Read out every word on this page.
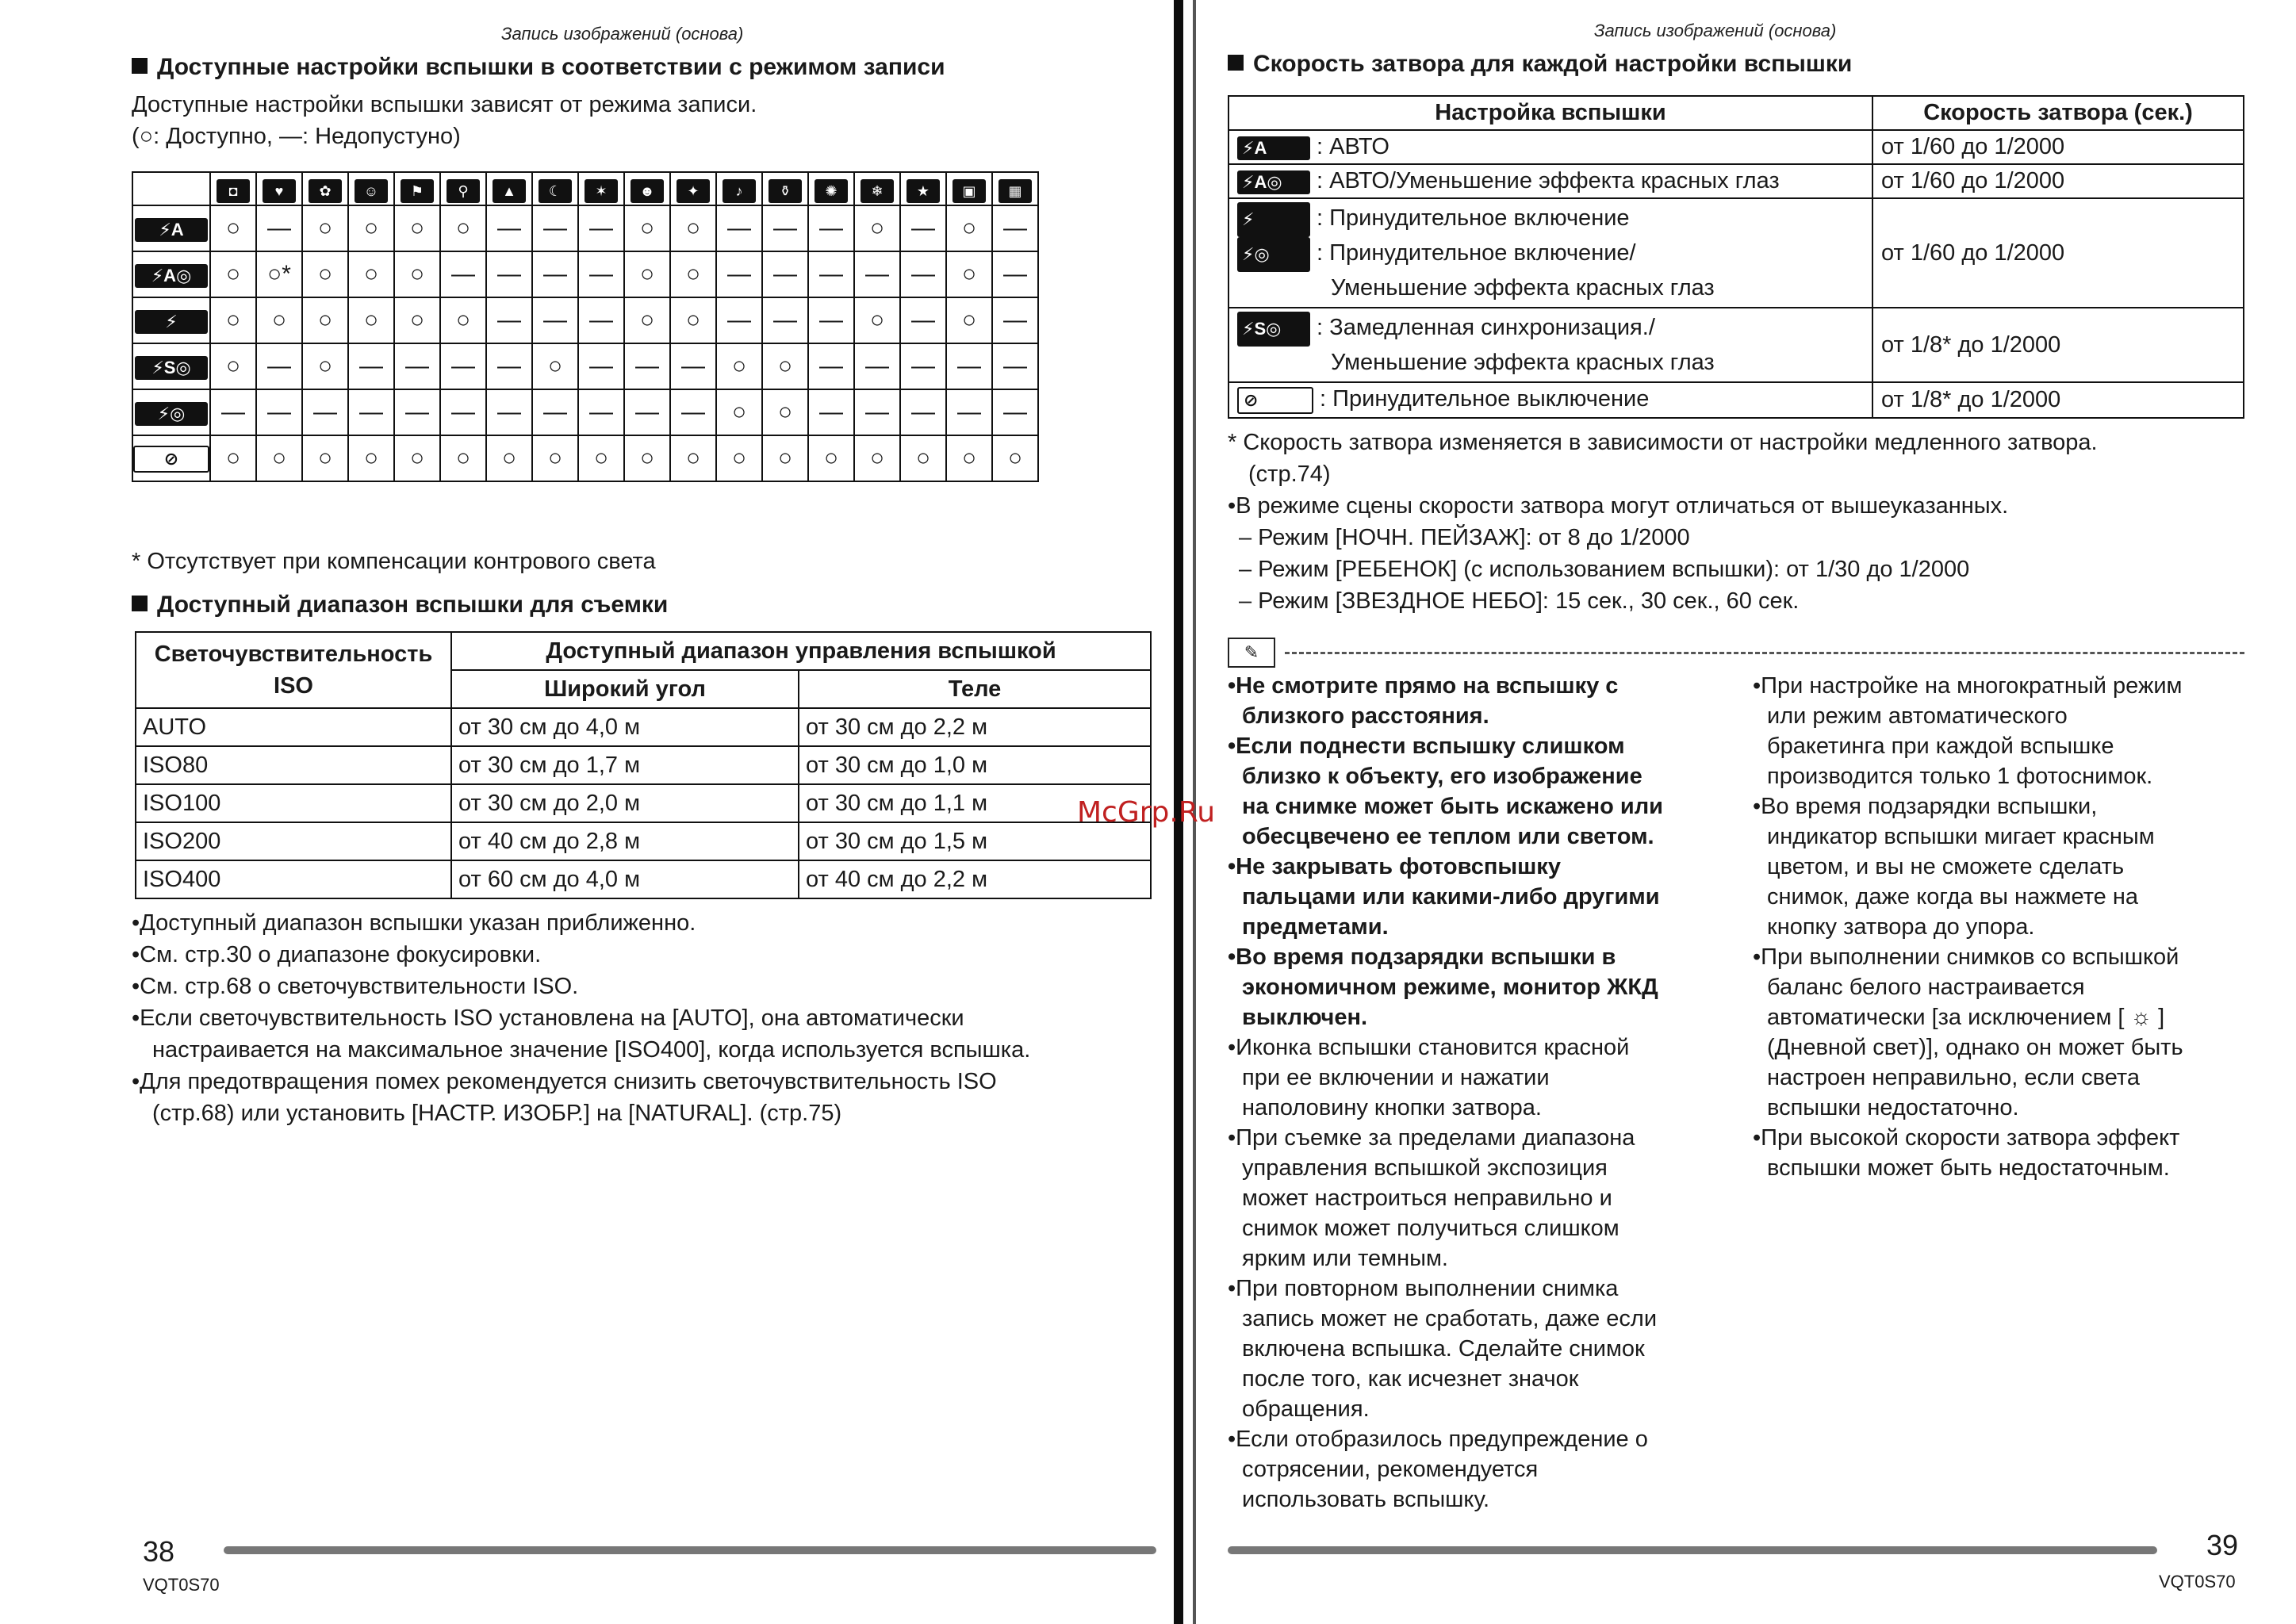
Запись изображений (основа)
Доступные настройки вспышки в соответствии с режимом записи
Доступные настройки вспышки зависят от режима записи.
(○: Доступно, —: Недопустуно)
	◘	♥	✿	☺	⚑	⚲	▲	☾	✶	☻	✦	♪	⚱	✺	❄	★	▣	▦
⚡A	○	—	○	○	○	○	—	—	—	○	○	—	—	—	○	—	○	—
⚡A◎	○	○*	○	○	○	—	—	—	—	○	○	—	—	—	—	—	○	—
⚡	○	○	○	○	○	○	—	—	—	○	○	—	—	—	○	—	○	—
⚡S◎	○	—	○	—	—	—	—	○	—	—	—	○	○	—	—	—	—	—
⚡◎	—	—	—	—	—	—	—	—	—	—	—	○	○	—	—	—	—	—
⊘	○	○	○	○	○	○	○	○	○	○	○	○	○	○	○	○	○	○
* Отсутствует при компенсации контрового света
Доступный диапазон вспышки для съемки
Светочувствительность ISO	Доступный диапазон управления вспышкой	
	Широкий угол	Теле
AUTO	от 30 см до 4,0 м	от 30 см до 2,2 м
ISO80	от 30 см до 1,7 м	от 30 см до 1,0 м
ISO100	от 30 см до 2,0 м	от 30 см до 1,1 м
ISO200	от 40 см до 2,8 м	от 30 см до 1,5 м
ISO400	от 60 см до 4,0 м	от 40 см до 2,2 м
•Доступный диапазон вспышки указан приближенно.
•См. стр.30 о диапазоне фокусировки.
•См. стр.68 о светочувствительности ISO.
•Если светочувствительность ISO установлена на [AUTO], она автоматически
настраивается на максимальное значение [ISO400], когда используется вспышка.
•Для предотвращения помех рекомендуется снизить светочувствительность ISO
(стр.68) или установить [НАСТР. ИЗОБР.] на [NATURAL]. (стр.75)
38
VQT0S70
Запись изображений (основа)
Скорость затвора для каждой настройки вспышки
Настройка вспышки	Скорость затвора (сек.)
⚡A : АВТО	от 1/60 до 1/2000
⚡A◎ : АВТО/Уменьшение эффекта красных глаз	от 1/60 до 1/2000

⚡ : Принудительное включение
⚡◎ : Принудительное включение/
Уменьшение эффекта красных глаз	от 1/60 до 1/2000

⚡S◎ : Замедленная синхронизация./
Уменьшение эффекта красных глаз	от 1/8* до 1/2000
⊘ : Принудительное выключение	от 1/8* до 1/2000
* Скорость затвора изменяется в зависимости от настройки медленного затвора.
(стр.74)
•В режиме сцены скорости затвора могут отличаться от вышеуказанных.
– Режим [НОЧН. ПЕЙЗАЖ]: от 8 до 1/2000
– Режим [РЕБЕНОК] (с использованием вспышки): от 1/30 до 1/2000
– Режим [ЗВЕЗДНОЕ НЕБО]: 15 сек., 30 сек., 60 сек.
✎
•Не смотрите прямо на вспышку с
близкого расстояния.
•Если поднести вспышку слишком
близко к объекту, его изображение
на снимке может быть искажено или
обесцвечено ее теплом или светом.
•Не закрывать фотовспышку
пальцами или какими-либо другими
предметами.
•Во время подзарядки вспышки в
экономичном режиме, монитор ЖКД
выключен.
•Иконка вспышки становится красной
при ее включении и нажатии
наполовину кнопки затвора.
•При съемке за пределами диапазона
управления вспышкой экспозиция
может настроиться неправильно и
снимок может получиться слишком
ярким или темным.
•При повторном выполнении снимка
запись может не сработать, даже если
включена вспышка. Сделайте снимок
после того, как исчезнет значок
обращения.
•Если отобразилось предупреждение о
сотрясении, рекомендуется
использовать вспышку.
McGrp.Ru
•При настройке на многократный режим
или режим автоматического
бракетинга при каждой вспышке
производится только 1 фотоснимок.
•Во время подзарядки вспышки,
индикатор вспышки мигает красным
цветом, и вы не сможете сделать
снимок, даже когда вы нажмете на
кнопку затвора до упора.
•При выполнении снимков со вспышкой
баланс белого настраивается
автоматически [за исключением [ ☼ ]
(Дневной свет)], однако он может быть
настроен неправильно, если света
вспышки недостаточно.
•При высокой скорости затвора эффект
вспышки может быть недостаточным.
39
VQT0S70
